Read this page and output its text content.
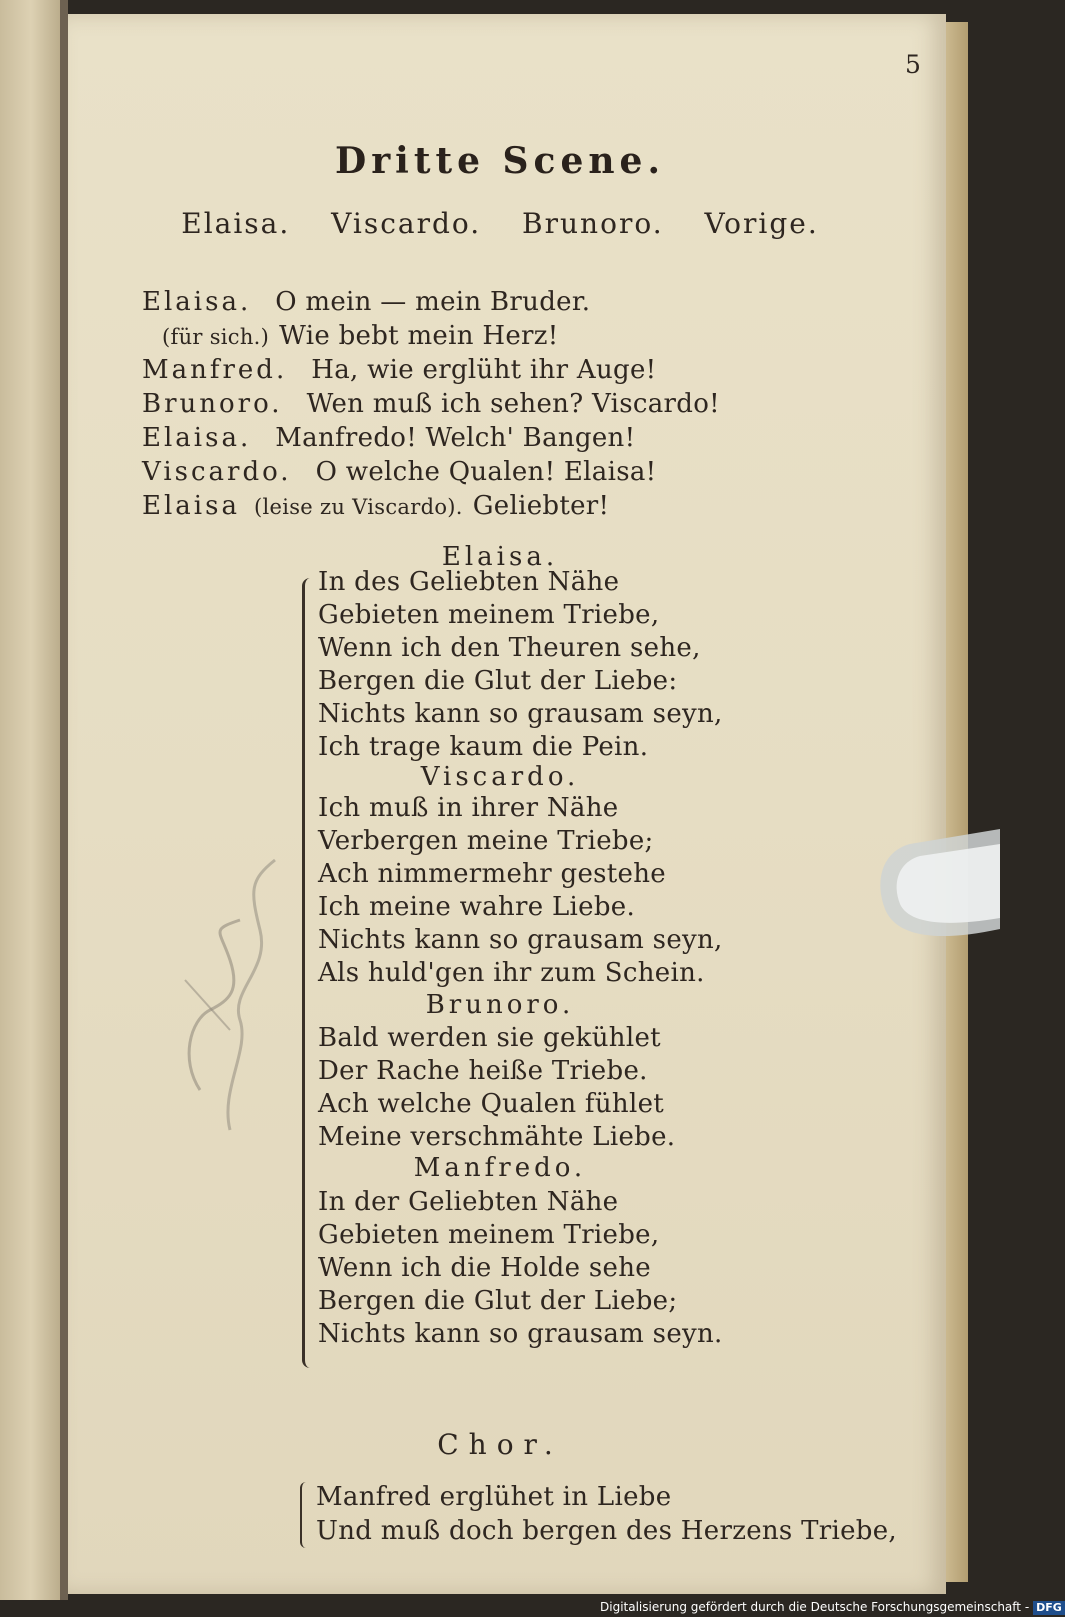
5
Dritte Scene.
Elaisa. Viscardo. Brunoro. Vorige.
Elaisa. O mein — mein Bruder.
(für sich.) Wie bebt mein Herz!
Manfred. Ha, wie erglüht ihr Auge!
Brunoro. Wen muß ich sehen? Viscardo!
Elaisa. Manfredo! Welch' Bangen!
Viscardo. O welche Qualen! Elaisa!
Elaisa (leise zu Viscardo). Geliebter!
Elaisa.
In des Geliebten Nähe
Gebieten meinem Triebe,
Wenn ich den Theuren sehe,
Bergen die Glut der Liebe:
Nichts kann so grausam seyn,
Ich trage kaum die Pein.
Viscardo.
Ich muß in ihrer Nähe
Verbergen meine Triebe;
Ach nimmermehr gestehe
Ich meine wahre Liebe.
Nichts kann so grausam seyn,
Als huld'gen ihr zum Schein.
Brunoro.
Bald werden sie gekühlet
Der Rache heiße Triebe.
Ach welche Qualen fühlet
Meine verschmähte Liebe.
Manfredo.
In der Geliebten Nähe
Gebieten meinem Triebe,
Wenn ich die Holde sehe
Bergen die Glut der Liebe;
Nichts kann so grausam seyn.
Chor.
Manfred erglühet in Liebe
Und muß doch bergen des Herzens Triebe,
Digitalisierung gefördert durch die Deutsche Forschungsgemeinschaft - DFG
